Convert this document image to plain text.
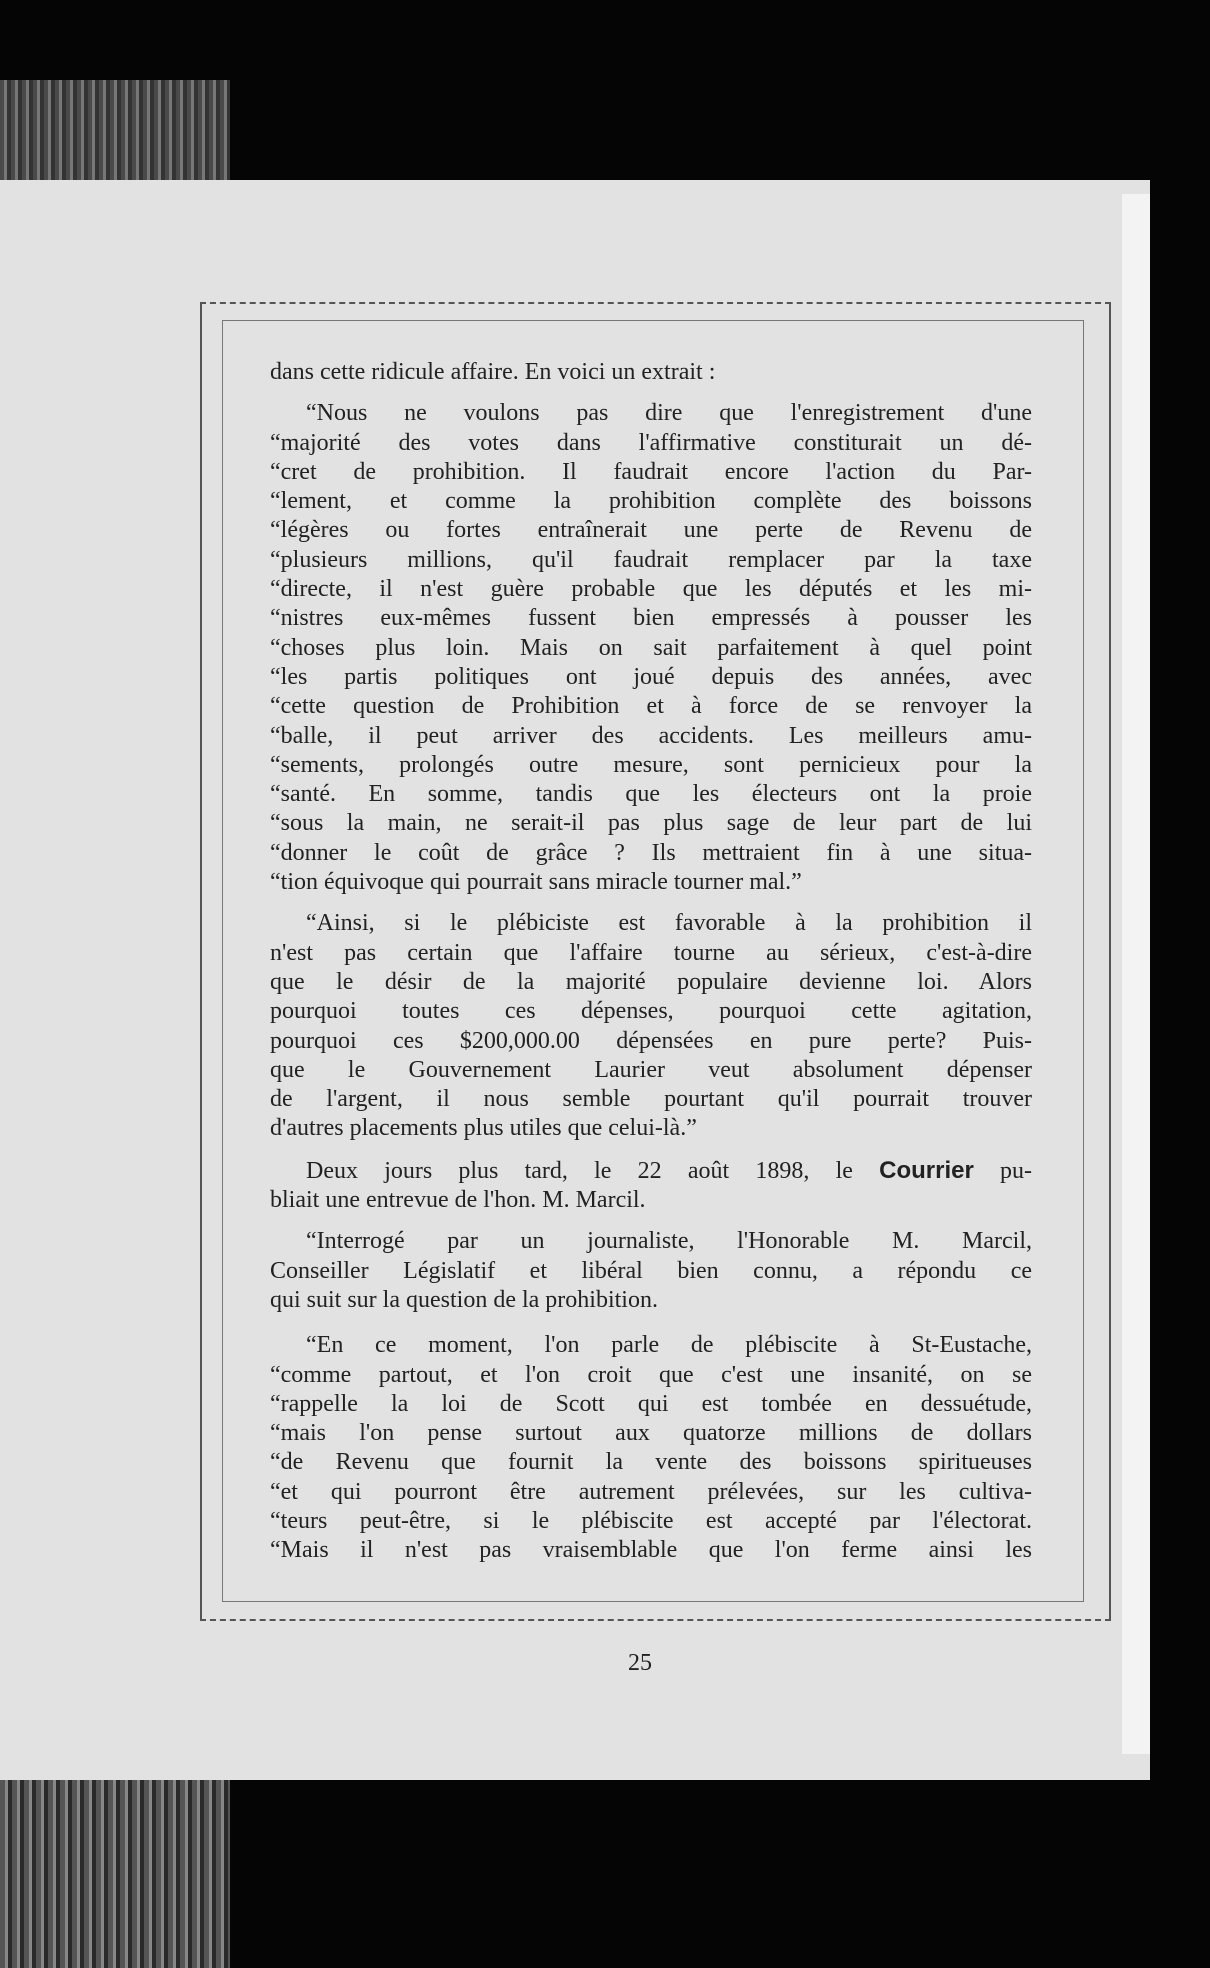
dans cette ridicule affaire. En voici un extrait :

“Nous ne voulons pas dire que l'enregistrement d'une
“majorité des votes dans l'affirmative constiturait un dé-
“cret de prohibition. Il faudrait encore l'action du Par-
“lement, et comme la prohibition complète des boissons
“légères ou fortes entraînerait une perte de Revenu de
“plusieurs millions, qu'il faudrait remplacer par la taxe
“directe, il n'est guère probable que les députés et les mi-
“nistres eux-mêmes fussent bien empressés à pousser les
“choses plus loin. Mais on sait parfaitement à quel point
“les partis politiques ont joué depuis des années, avec
“cette question de Prohibition et à force de se renvoyer la
“balle, il peut arriver des accidents. Les meilleurs amu-
“sements, prolongés outre mesure, sont pernicieux pour la
“santé. En somme, tandis que les électeurs ont la proie
“sous la main, ne serait-il pas plus sage de leur part de lui
“donner le coût de grâce ? Ils mettraient fin à une situa-
“tion équivoque qui pourrait sans miracle tourner mal.”

“Ainsi, si le plébiciste est favorable à la prohibition il
n'est pas certain que l'affaire tourne au sérieux, c'est-à-dire
que le désir de la majorité populaire devienne loi. Alors
pourquoi toutes ces dépenses, pourquoi cette agitation,
pourquoi ces $200,000.00 dépensées en pure perte? Puis-
que le Gouvernement Laurier veut absolument dépenser
de l'argent, il nous semble pourtant qu'il pourrait trouver
d'autres placements plus utiles que celui-là.”

Deux jours plus tard, le 22 août 1898, le Courrier pu-
bliait une entrevue de l'hon. M. Marcil.

“Interrogé par un journaliste, l'Honorable M. Marcil,
Conseiller Législatif et libéral bien connu, a répondu ce
qui suit sur la question de la prohibition.

“En ce moment, l'on parle de plébiscite à St-Eustache,
“comme partout, et l'on croit que c'est une insanité, on se
“rappelle la loi de Scott qui est tombée en dessuétude,
“mais l'on pense surtout aux quatorze millions de dollars
“de Revenu que fournit la vente des boissons spiritueuses
“et qui pourront être autrement prélevées, sur les cultiva-
“teurs peut-être, si le plébiscite est accepté par l'électorat.
“Mais il n'est pas vraisemblable que l'on ferme ainsi les

25
